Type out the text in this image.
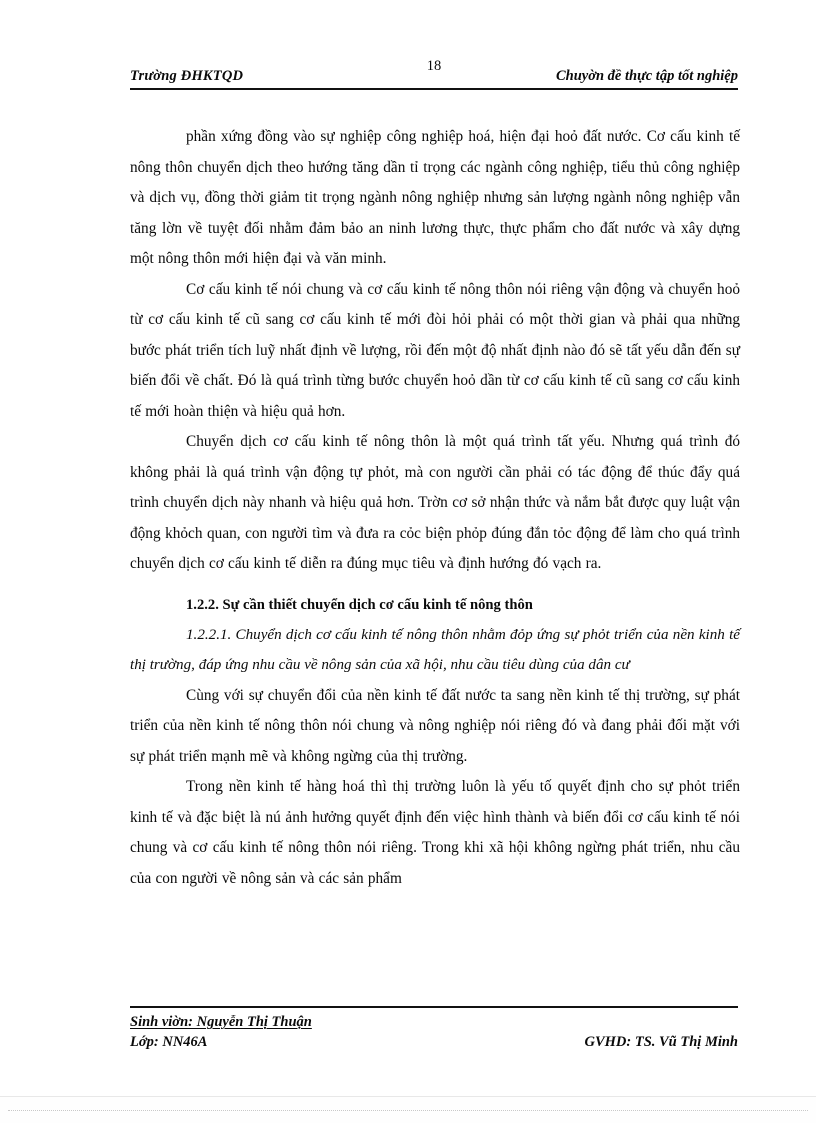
Trường ĐHKTQD
18
Chuyờn đề thực tập tốt nghiệp

phần xứng đồng vào sự nghiệp công nghiệp hoá, hiện đại hoỏ đất nước. Cơ cấu kinh tế nông thôn chuyển dịch theo hướng tăng dần tỉ trọng các ngành công nghiệp, tiểu thủ công nghiệp và dịch vụ, đồng thời giảm tit trọng ngành nông nghiệp nhưng sản lượng ngành nông nghiệp vẫn tăng lờn về tuyệt đối nhằm đảm bảo an ninh lương thực, thực phẩm cho đất nước và xây dựng một nông thôn mới hiện đại và văn minh.

Cơ cấu kinh tế nói chung và cơ cấu kinh tế nông thôn nói riêng vận động và chuyển hoỏ từ cơ cấu kinh tế cũ sang cơ cấu kinh tế mới đòi hỏi phải có một thời gian và phải qua những bước phát triển tích luỹ nhất định về lượng, rồi đến một độ nhất định nào đó sẽ tất yếu dẫn đến sự biến đổi về chất. Đó là quá trình từng bước chuyển hoỏ dần từ cơ cấu kinh tế cũ sang cơ cấu kinh tế mới hoàn thiện và hiệu quả hơn.

Chuyển dịch cơ cấu kinh tế nông thôn là một quá trình tất yếu. Nhưng quá trình đó không phải là quá trình vận động tự phỏt, mà con người cần phải có tác động để thúc đẩy quá trình chuyển dịch này nhanh và hiệu quả hơn. Trờn cơ sở nhận thức và nắm bắt được quy luật vận động khỏch quan, con người tìm và đưa ra cỏc biện phỏp đúng đắn tỏc động để làm cho quá trình chuyển dịch cơ cấu kinh tế diễn ra đúng mục tiêu và định hướng đó vạch ra.

1.2.2. Sự cần thiết chuyển dịch cơ cấu kinh tế nông thôn

1.2.2.1. Chuyển dịch cơ cấu kinh tế nông thôn nhằm đỏp ứng sự phỏt triển của nền kinh tế thị trường, đáp ứng nhu cầu về nông sản của xã hội, nhu cầu tiêu dùng của dân cư

Cùng với sự chuyển đổi của nền kinh tế đất nước ta sang nền kinh tế thị trường, sự phát triển của nền kinh tế nông thôn nói chung và nông nghiệp nói riêng đó và đang phải đối mặt với sự phát triển mạnh mẽ và không ngừng của thị trường.

Trong nền kinh tế hàng hoá thì thị trường luôn là yếu tố quyết định cho sự phỏt triển kinh tế và đặc biệt là nú ảnh hưởng quyết định đến việc hình thành và biến đổi cơ cấu kinh tế nói chung và cơ cấu kinh tế nông thôn nói riêng. Trong khi xã hội không ngừng phát triển, nhu cầu của con người về nông sản và các sản phẩm

Sinh viờn: Nguyễn Thị Thuận
Lớp: NN46A	GVHD: TS. Vũ Thị Minh
